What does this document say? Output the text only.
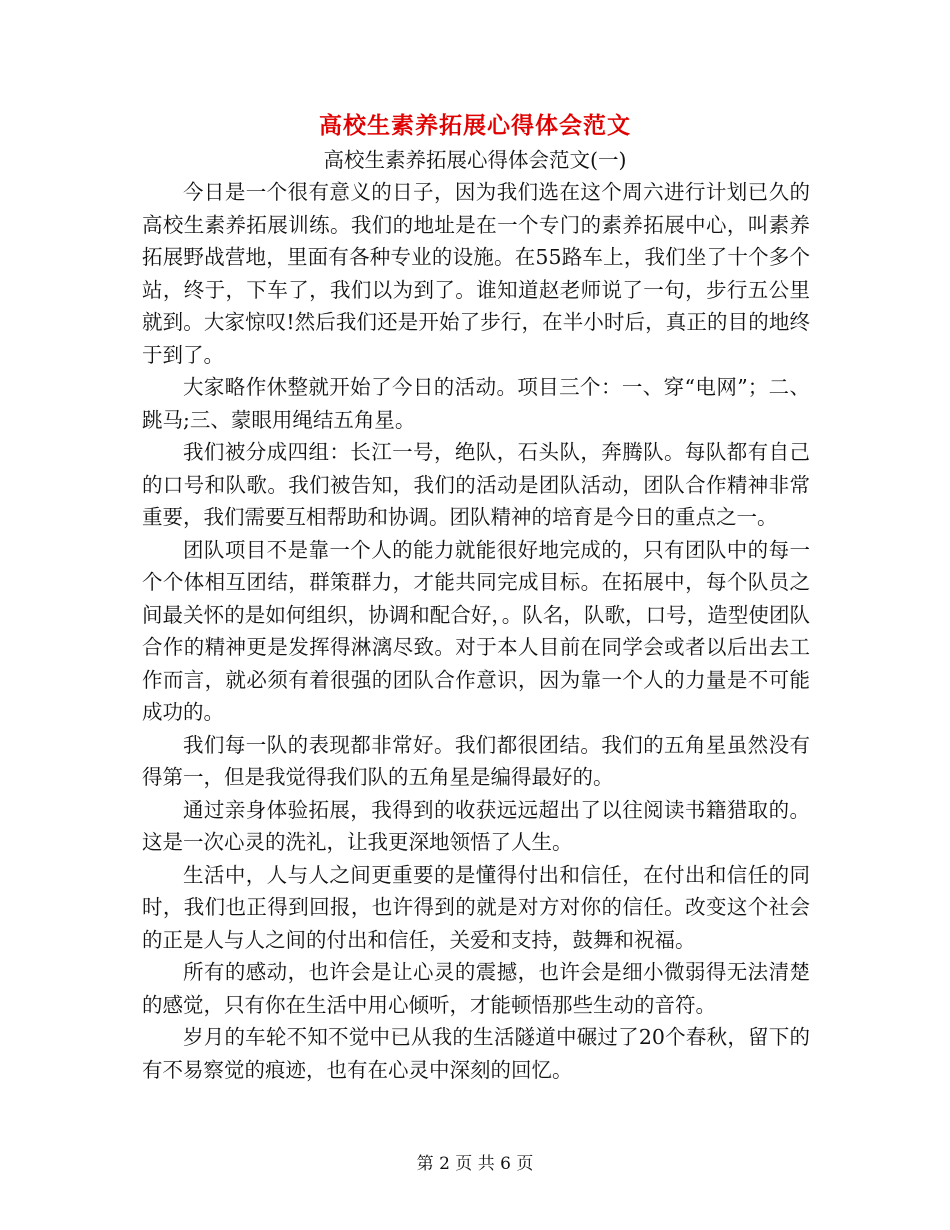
高校生素养拓展心得体会范文
高校生素养拓展心得体会范文(一)

今日是一个很有意义的日子，因为我们选在这个周六进行计划已久的高校生素养拓展训练。我们的地址是在一个专门的素养拓展中心，叫素养拓展野战营地，里面有各种专业的设施。在55路车上，我们坐了十个多个站，终于，下车了，我们以为到了。谁知道赵老师说了一句，步行五公里就到。大家惊叹!然后我们还是开始了步行，在半小时后，真正的目的地终于到了。

大家略作休整就开始了今日的活动。项目三个：一、穿“电网”；二、跳马;三、蒙眼用绳结五角星。

我们被分成四组：长江一号，绝队，石头队，奔腾队。每队都有自己的口号和队歌。我们被告知，我们的活动是团队活动，团队合作精神非常重要，我们需要互相帮助和协调。团队精神的培育是今日的重点之一。

团队项目不是靠一个人的能力就能很好地完成的，只有团队中的每一个个体相互团结，群策群力，才能共同完成目标。在拓展中，每个队员之间最关怀的是如何组织，协调和配合好，。队名，队歌，口号，造型使团队合作的精神更是发挥得淋漓尽致。对于本人目前在同学会或者以后出去工作而言，就必须有着很强的团队合作意识，因为靠一个人的力量是不可能成功的。

我们每一队的表现都非常好。我们都很团结。我们的五角星虽然没有得第一，但是我觉得我们队的五角星是编得最好的。

通过亲身体验拓展，我得到的收获远远超出了以往阅读书籍猎取的。这是一次心灵的洗礼，让我更深地领悟了人生。

生活中，人与人之间更重要的是懂得付出和信任，在付出和信任的同时，我们也正得到回报，也许得到的就是对方对你的信任。改变这个社会的正是人与人之间的付出和信任，关爱和支持，鼓舞和祝福。

所有的感动，也许会是让心灵的震撼，也许会是细小微弱得无法清楚的感觉，只有你在生活中用心倾听，才能顿悟那些生动的音符。

岁月的车轮不知不觉中已从我的生活隧道中碾过了20个春秋，留下的有不易察觉的痕迹，也有在心灵中深刻的回忆。

第 2 页 共 6 页
